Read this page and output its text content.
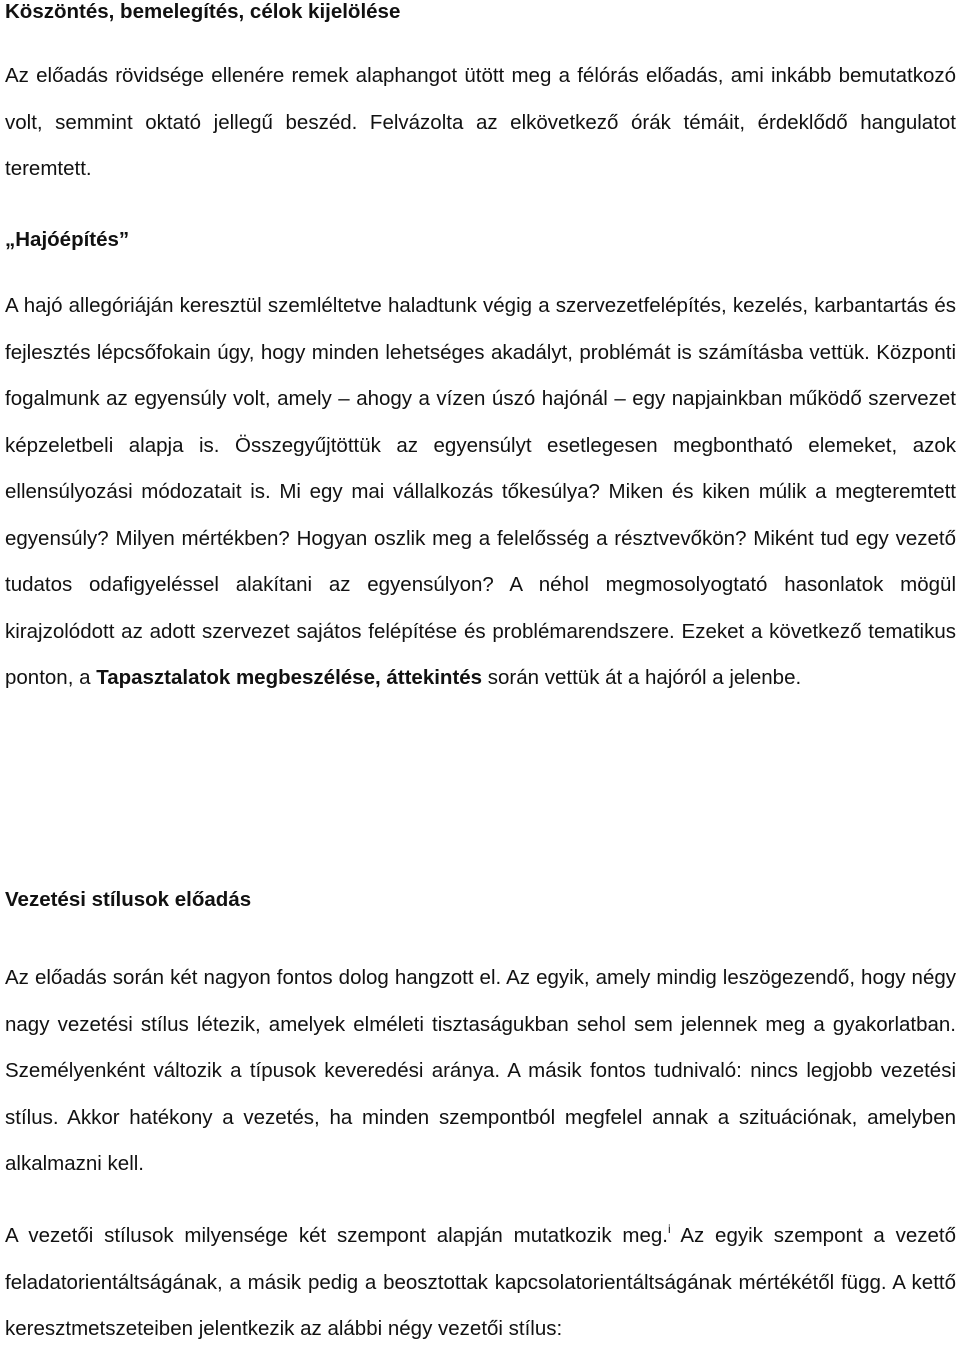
Köszöntés, bemelegítés, célok kijelölése

Az előadás rövidsége ellenére remek alaphangot ütött meg a félórás előadás, ami inkább bemutatkozó volt, semmint oktató jellegű beszéd. Felvázolta az elkövetkező órák témáit, érdeklődő hangulatot teremtett.

„Hajóépítés”

A hajó allegóriáján keresztül szemléltetve haladtunk végig a szervezetfelépítés, kezelés, karbantartás és fejlesztés lépcsőfokain úgy, hogy minden lehetséges akadályt, problémát is számításba vettük. Központi fogalmunk az egyensúly volt, amely – ahogy a vízen úszó hajónál – egy napjainkban működő szervezet képzeletbeli alapja is. Összegyűjtöttük az egyensúlyt esetlegesen megbontható elemeket, azok ellensúlyozási módozatait is. Mi egy mai vállalkozás tőkesúlya? Miken és kiken múlik a megteremtett egyensúly? Milyen mértékben? Hogyan oszlik meg a felelősség a résztvevőkön? Miként tud egy vezető tudatos odafigyeléssel alakítani az egyensúlyon? A néhol megmosolyogtató hasonlatok mögül kirajzolódott az adott szervezet sajátos felépítése és problémarendszere. Ezeket a következő tematikus ponton, a Tapasztalatok megbeszélése, áttekintés során vettük át a hajóról a jelenbe.

Vezetési stílusok előadás

Az előadás során két nagyon fontos dolog hangzott el. Az egyik, amely mindig leszögezendő, hogy négy nagy vezetési stílus létezik, amelyek elméleti tisztaságukban sehol sem jelennek meg a gyakorlatban. Személyenként változik a típusok keveredési aránya. A másik fontos tudnivaló: nincs legjobb vezetési stílus. Akkor hatékony a vezetés, ha minden szempontból megfelel annak a szituációnak, amelyben alkalmazni kell.

A vezetői stílusok milyensége két szempont alapján mutatkozik meg.$^i$ Az egyik szempont a vezető feladatorientáltságának, a másik pedig a beosztottak kapcsolatorientáltságának mértékétől függ. A kettő keresztmetszeteiben jelentkezik az alábbi négy vezetői stílus:
